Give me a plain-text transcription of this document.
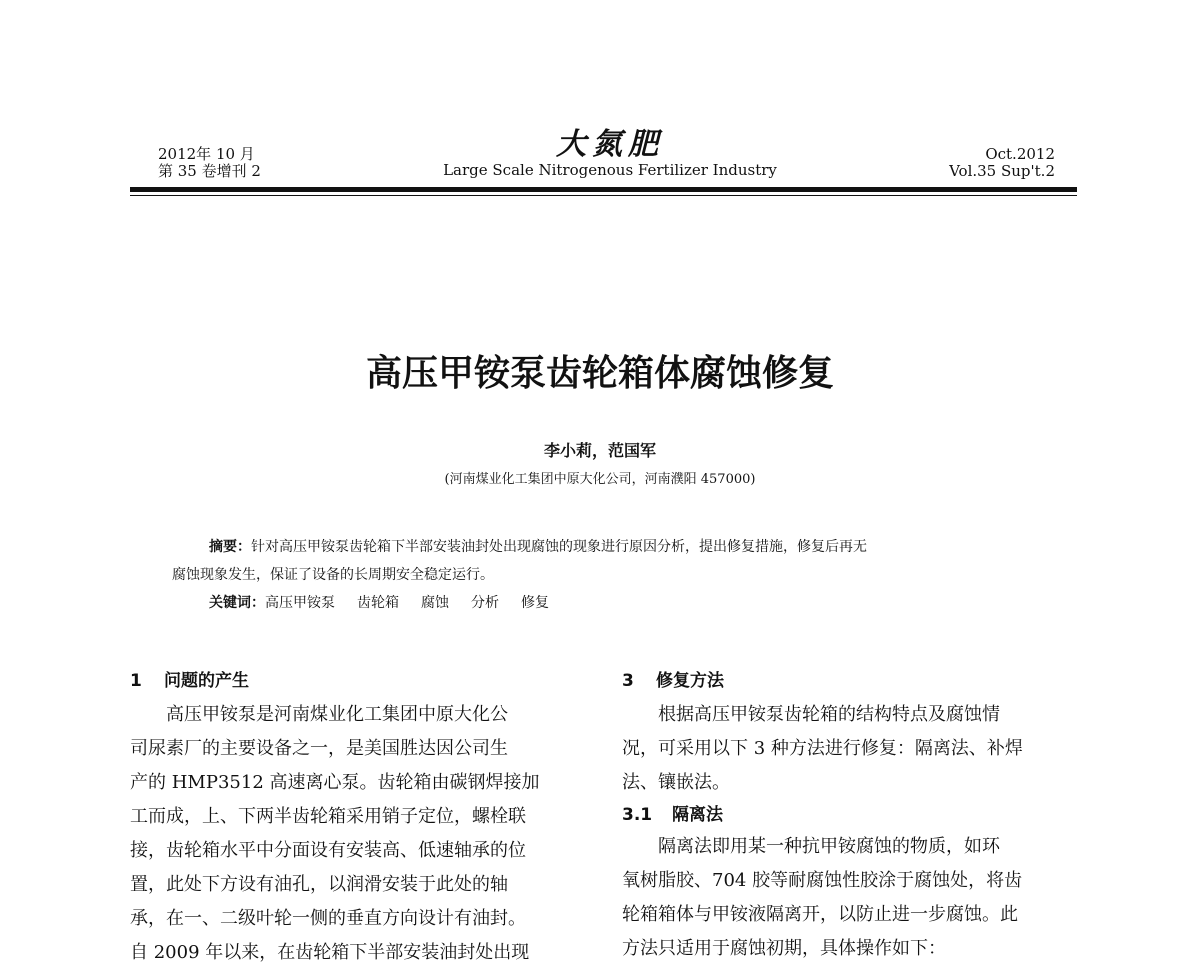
2012年 10 月
第 35 卷增刊 2
大氮肥
Large Scale Nitrogenous Fertilizer Industry
Oct.2012
Vol.35 Sup't.2
高压甲铵泵齿轮箱体腐蚀修复
李小莉，范国军
(河南煤业化工集团中原大化公司，河南濮阳 457000)
摘要：针对高压甲铵泵齿轮箱下半部安装油封处出现腐蚀的现象进行原因分析，提出修复措施，修复后再无
腐蚀现象发生，保证了设备的长周期安全稳定运行。
关键词：高压甲铵泵 齿轮箱 腐蚀 分析 修复
1 问题的产生
高压甲铵泵是河南煤业化工集团中原大化公
司尿素厂的主要设备之一，是美国胜达因公司生
产的 HMP3512 高速离心泵。齿轮箱由碳钢焊接加
工而成，上、下两半齿轮箱采用销子定位，螺栓联
接，齿轮箱水平中分面设有安装高、低速轴承的位
置，此处下方设有油孔，以润滑安装于此处的轴
承，在一、二级叶轮一侧的垂直方向设计有油封。
自 2009 年以来，在齿轮箱下半部安装油封处出现
3 修复方法
根据高压甲铵泵齿轮箱的结构特点及腐蚀情
况，可采用以下 3 种方法进行修复：隔离法、补焊
法、镶嵌法。
3.1 隔离法
隔离法即用某一种抗甲铵腐蚀的物质，如环
氧树脂胶、704 胶等耐腐蚀性胶涂于腐蚀处，将齿
轮箱箱体与甲铵液隔离开，以防止进一步腐蚀。此
方法只适用于腐蚀初期，具体操作如下：
